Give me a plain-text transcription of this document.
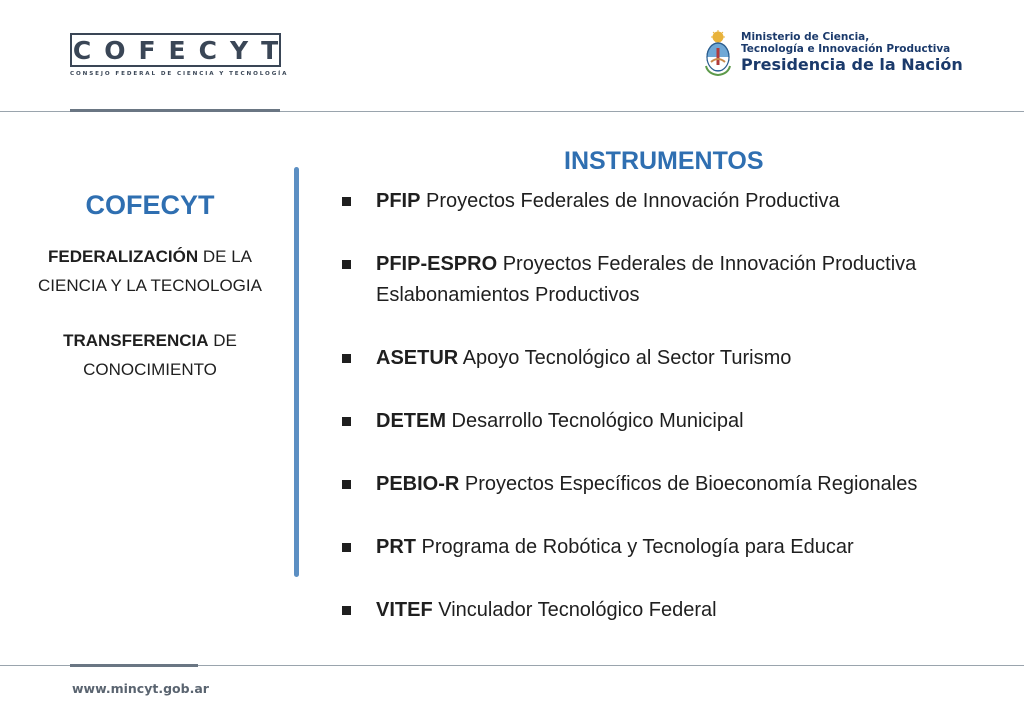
COFECYT
CONSEJO FEDERAL DE CIENCIA Y TECNOLOGÍA
Ministerio de Ciencia,
Tecnología e Innovación Productiva
Presidencia de la Nación
COFECYT
FEDERALIZACIÓN DE LA CIENCIA Y LA TECNOLOGIA
TRANSFERENCIA DE CONOCIMIENTO
INSTRUMENTOS
PFIP Proyectos Federales de Innovación Productiva
PFIP-ESPRO Proyectos Federales de Innovación Productiva Eslabonamientos Productivos
ASETUR Apoyo Tecnológico al Sector Turismo
DETEM Desarrollo Tecnológico Municipal
PEBIO-R Proyectos Específicos de Bioeconomía Regionales
PRT Programa de Robótica y Tecnología para Educar
VITEF Vinculador Tecnológico Federal
www.mincyt.gob.ar
